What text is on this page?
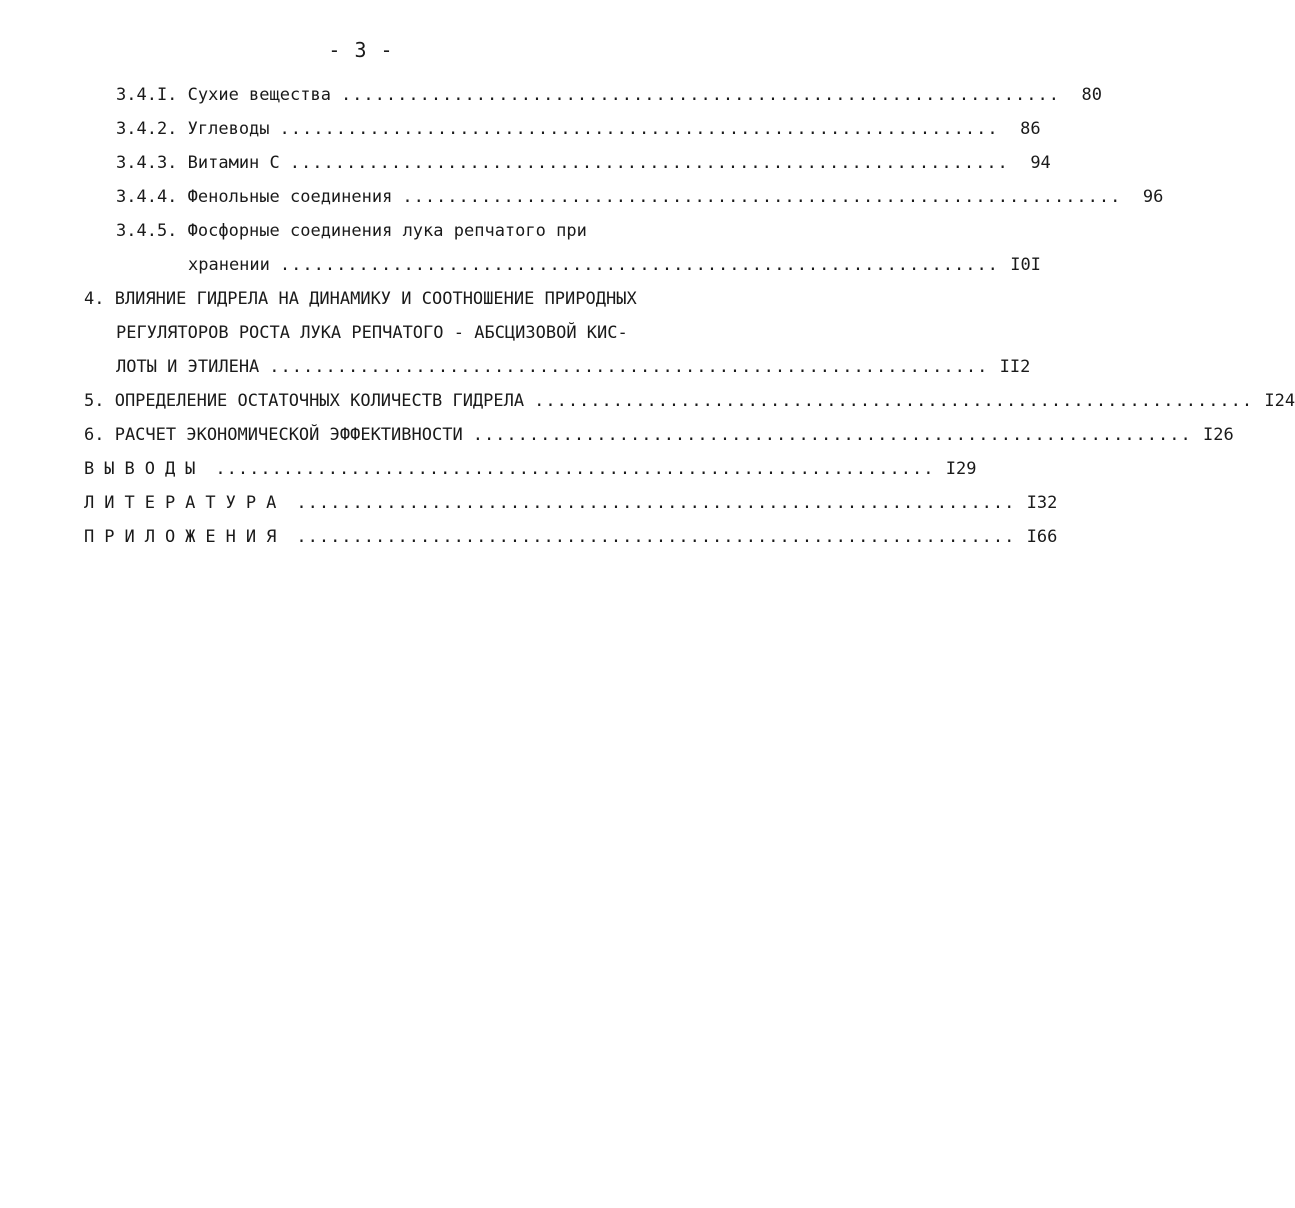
- 3 -
3.4.I. Сухие вещества ................................................................	80
3.4.2. Углеводы ................................................................	86
3.4.3. Витамин С ................................................................	94
3.4.4. Фенольные соединения ................................................................	96
3.4.5. Фосфорные соединения лука репчатого при
хранении ................................................................ I0I
4. ВЛИЯНИЕ ГИДРЕЛА НА ДИНАМИКУ И СООТНОШЕНИЕ ПРИРОДНЫХ
РЕГУЛЯТОРОВ РОСТА ЛУКА РЕПЧАТОГО - АБСЦИЗОВОЙ КИС-
ЛОТЫ И ЭТИЛЕНА ................................................................ II2
5. ОПРЕДЕЛЕНИЕ ОСТАТОЧНЫХ КОЛИЧЕСТВ ГИДРЕЛА ................................................................ I24
6. РАСЧЕТ ЭКОНОМИЧЕСКОЙ ЭФФЕКТИВНОСТИ ................................................................ I26
ВЫВОДЫ ................................................................ I29
ЛИТЕРАТУРА ................................................................ I32
ПРИЛОЖЕНИЯ ................................................................ I66
